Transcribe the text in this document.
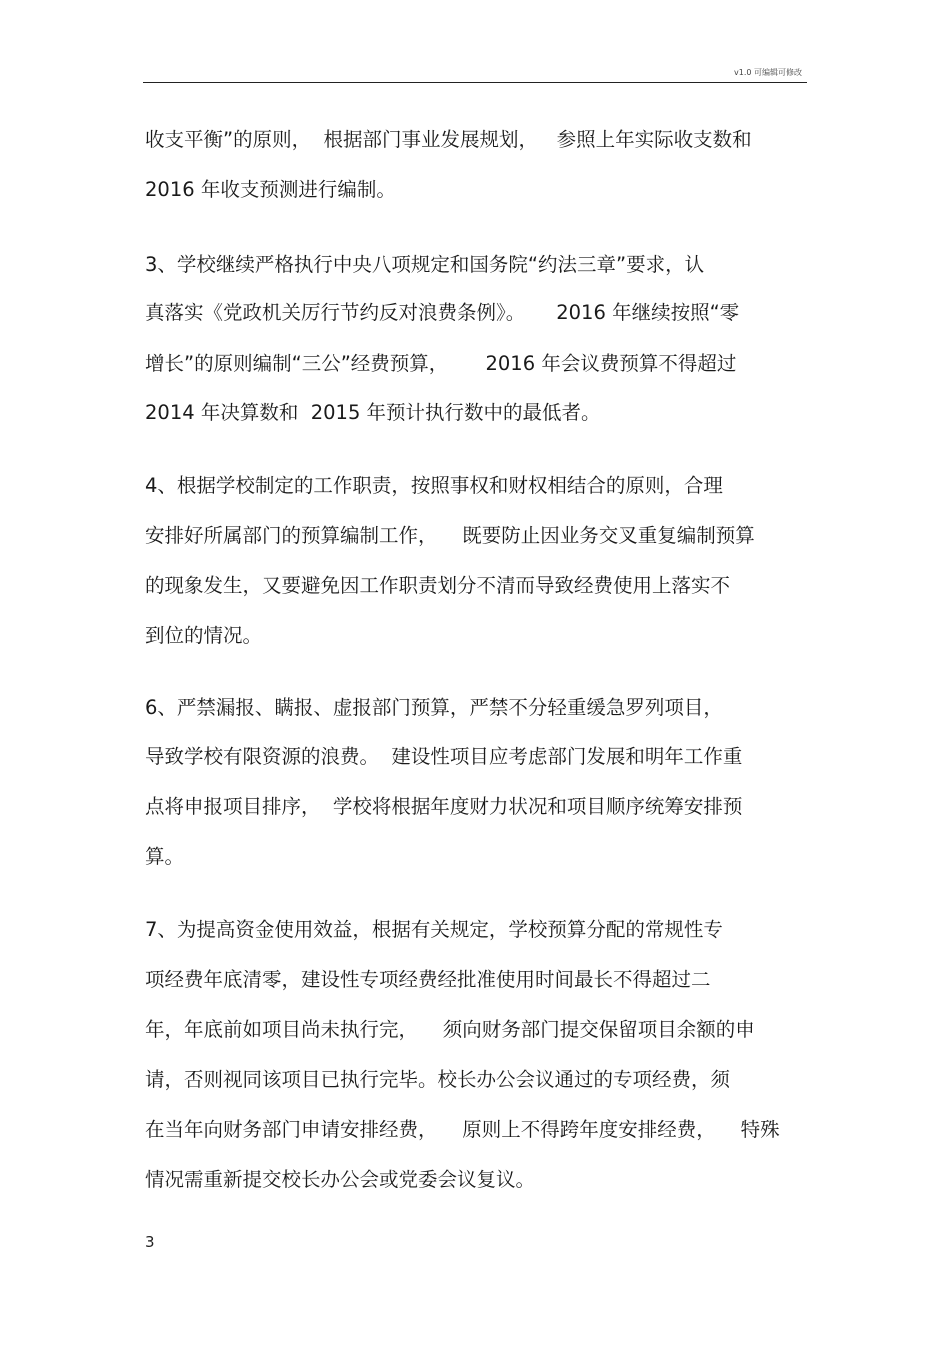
v1.0 可编辑可修改
收支平衡”的原则，  根据部门事业发展规划，   参照上年实际收支数和
2016 年收支预测进行编制。
3、学校继续严格执行中央八项规定和国务院“约法三章”要求，认
真落实《党政机关厉行节约反对浪费条例》。     2016 年继续按照“零
增长”的原则编制“三公”经费预算，      2016 年会议费预算不得超过
2014 年决算数和  2015 年预计执行数中的最低者。
4、根据学校制定的工作职责，按照事权和财权相结合的原则，合理
安排好所属部门的预算编制工作，    既要防止因业务交叉重复编制预算
的现象发生，又要避免因工作职责划分不清而导致经费使用上落实不
到位的情况。
6、严禁漏报、瞒报、虚报部门预算，严禁不分轻重缓急罗列项目，
导致学校有限资源的浪费。  建设性项目应考虑部门发展和明年工作重
点将申报项目排序，  学校将根据年度财力状况和项目顺序统筹安排预
算。
7、为提高资金使用效益，根据有关规定，学校预算分配的常规性专
项经费年底清零，建设性专项经费经批准使用时间最长不得超过二
年，年底前如项目尚未执行完，    须向财务部门提交保留项目余额的申
请，否则视同该项目已执行完毕。校长办公会议通过的专项经费，须
在当年向财务部门申请安排经费，    原则上不得跨年度安排经费，    特殊
情况需重新提交校长办公会或党委会议复议。
3
